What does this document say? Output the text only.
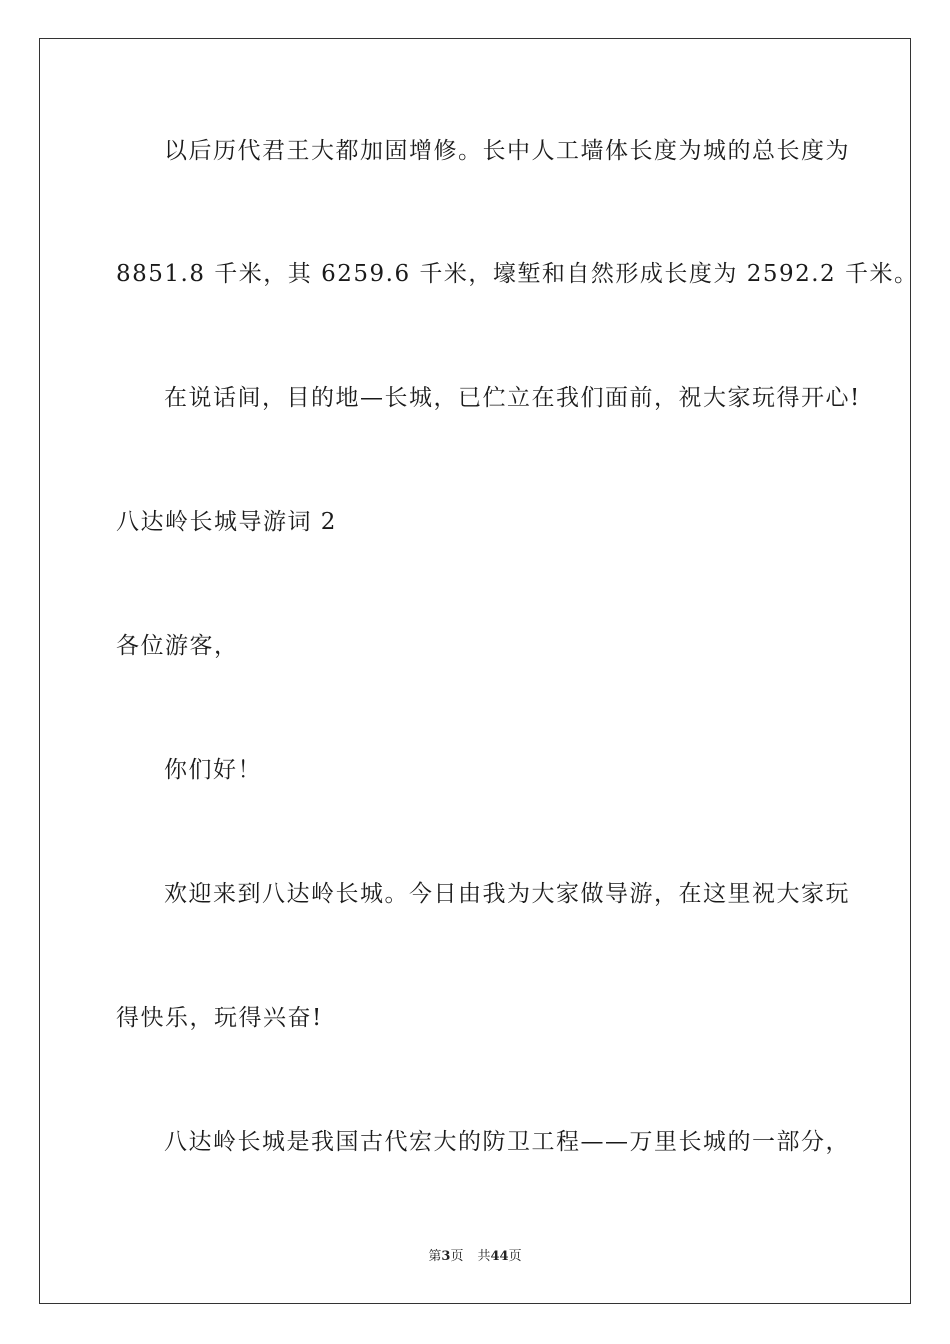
以后历代君王大都加固增修。长中人工墙体长度为城的总长度为
8851.8 千米，其 6259.6 千米，壕堑和自然形成长度为 2592.2 千米。
在说话间，目的地—长城，已伫立在我们面前，祝大家玩得开心!
八达岭长城导游词 2
各位游客，
你们好！
欢迎来到八达岭长城。今日由我为大家做导游，在这里祝大家玩
得快乐，玩得兴奋!
八达岭长城是我国古代宏大的防卫工程——万里长城的一部分，
第3页 共44页
